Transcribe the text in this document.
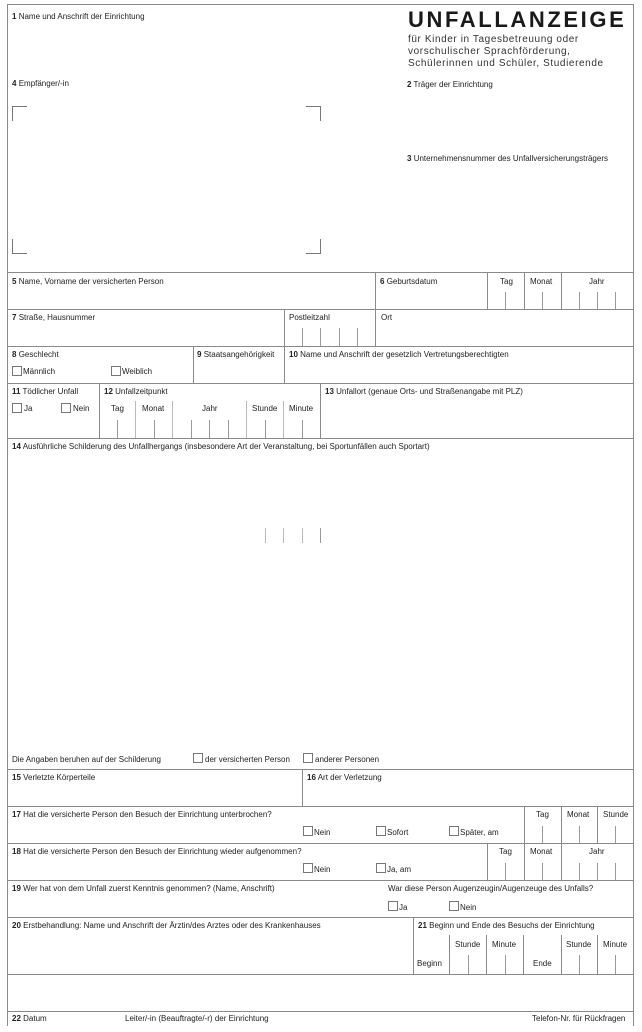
UNFALLANZEIGE
für Kinder in Tagesbetreuung oder
vorschulischer Sprachförderung,
Schülerinnen und Schüler, Studierende
1 Name und Anschrift der Einrichtung
4 Empfänger/-in	2 Träger der Einrichtung
3 Unternehmensnummer des Unfallversicherungsträgers
5 Name, Vorname der versicherten Person	6 Geburtsdatum	Tag Monat	Jahr
7 Straße, Hausnummer	Postleitzahl	Ort
8 Geschlecht
Männlich	Weiblich
9 Staatsangehörigkeit 10 Name und Anschrift der gesetzlich Vertretungsberechtigten
11 Tödlicher Unfall
Ja	Nein
12 Unfallzeitpunkt
Tag Monat	Jahr	Stunde Minute
13 Unfallort (genaue Orts- und Straßenangabe mit PLZ)
14 Ausführliche Schilderung des Unfallhergangs (insbesondere Art der Veranstaltung, bei Sportunfällen auch Sportart)
Die Angaben beruhen auf der Schilderung	der versicherten Person	anderer Personen
15 Verletzte Körperteile	16 Art der Verletzung
17 Hat die versicherte Person den Besuch der Einrichtung unterbrochen?
Nein	Sofort	Später, am
Tag Monat Stunde
18 Hat die versicherte Person den Besuch der Einrichtung wieder aufgenommen?
Nein	Ja, am
Tag Monat	Jahr
19 Wer hat von dem Unfall zuerst Kenntnis genommen? (Name, Anschrift)	War diese Person Augenzeugin/Augenzeuge des Unfalls?
Ja	Nein
20 Erstbehandlung: Name und Anschrift der Ärztin/des Arztes oder des Krankenhauses	21 Beginn und Ende des Besuchs der Einrichtung
Beginn
Stunde Minute
Ende
Stunde Minute
22 Datum	Leiter/-in (Beauftragte/-r) der Einrichtung	Telefon-Nr. für Rückfragen
